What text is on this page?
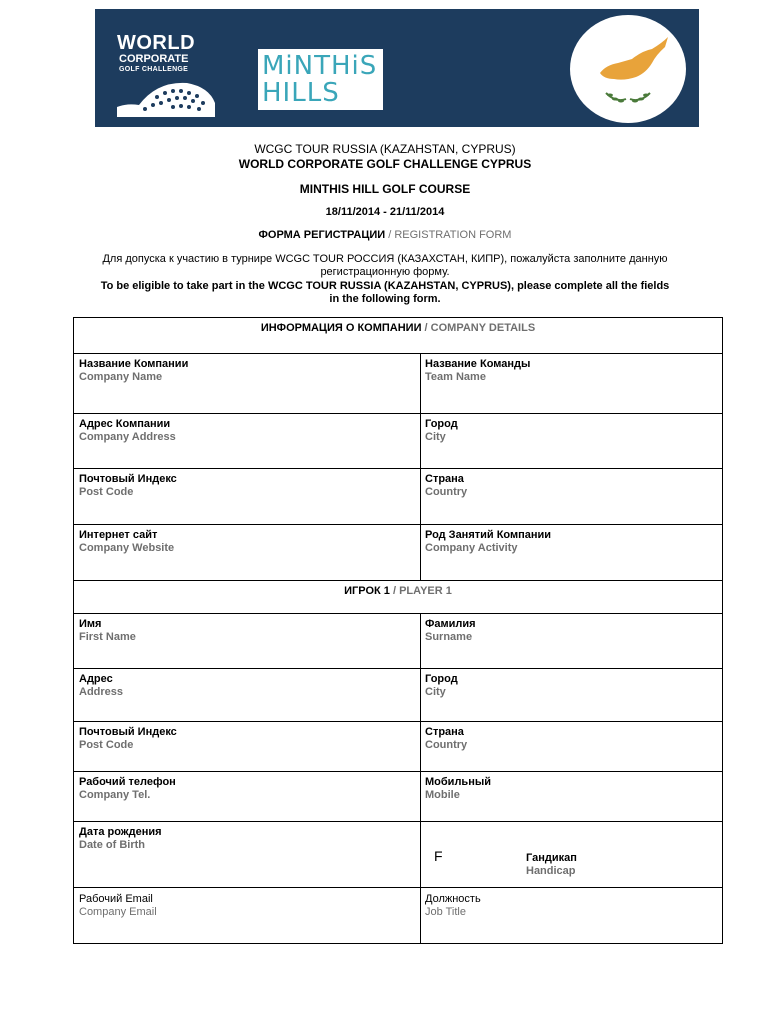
WORLD
CORPORATE
GOLF CHALLENGE	MiNTHiS
HILLS
WCGC TOUR RUSSIA (KAZAHSTAN, CYPRUS)
WORLD CORPORATE GOLF CHALLENGE CYPRUS
MINTHIS HILL GOLF COURSE
18/11/2014 - 21/11/2014
ФОРМА РЕГИСТРАЦИИ / REGISTRATION FORM
Для допуска к участию в турнире WCGC TOUR РОССИЯ (КАЗАХСТАН, КИПР), пожалуйста заполните данную
регистрационную форму.
To be eligible to take part in the WCGC TOUR RUSSIA (KAZAHSTAN, CYPRUS), please complete all the fields
in the following form.
ИНФОРМАЦИЯ О КОМПАНИИ / COMPANY DETAILS
Название Компании
Company Name
Название Команды
Team Name
Адрес Компании
Company Address
Город
City
Почтовый Индекс
Post Code
Страна
Country
Интернет сайт
Company Website
Род Занятий Компании
Company Activity
ИГРОК 1 / PLAYER 1
Имя
First Name
Фамилия
Surname
Адрес
Address
Город
City
Почтовый Индекс
Post Code
Страна
Country
Рабочий телефон
Company Tel.
Мобильный
Mobile
Дата рождения
Date of Birth
F	Гандикап
Handicap
Рабочий Email
Company Email
Должность
Job Title
